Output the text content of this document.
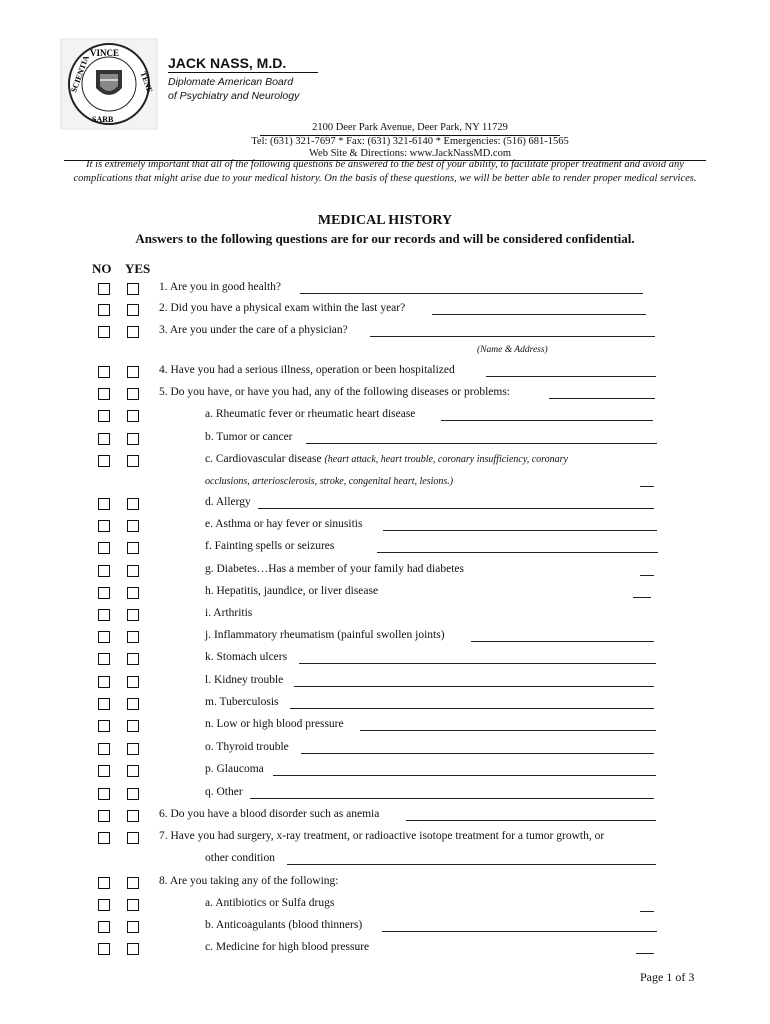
VINCE
SCIENTIA	TENE
SARB
JACK NASS, M.D.
Diplomate American Board
of Psychiatry and Neurology
2100 Deer Park Avenue, Deer Park, NY 11729
Tel: (631) 321-7697 * Fax: (631) 321-6140 * Emergencies: (516) 681-1565
Web Site & Directions: www.JackNassMD.com
It is extremely important that all of the following questions be answered to the best of your ability, to facilitate proper treatment and avoid any complications that might arise due to your medical history. On the basis of these questions, we will be better able to render proper medical services.
MEDICAL HISTORY
Answers to the following questions are for our records and will be considered confidential.
NO YES
1. Are you in good health?
2. Did you have a physical exam within the last year?
3. Are you under the care of a physician?
(Name & Address)
4. Have you had a serious illness, operation or been hospitalized
5. Do you have, or have you had, any of the following diseases or problems:
a. Rheumatic fever or rheumatic heart disease
b. Tumor or cancer
c. Cardiovascular disease (heart attack, heart trouble, coronary insufficiency, coronary
occlusions, arteriosclerosis, stroke, congenital heart, lesions.)
d. Allergy
e. Asthma or hay fever or sinusitis
f. Fainting spells or seizures
g. Diabetes…Has a member of your family had diabetes
h. Hepatitis, jaundice, or liver disease
i. Arthritis
j. Inflammatory rheumatism (painful swollen joints)
k. Stomach ulcers
l. Kidney trouble
m. Tuberculosis
n. Low or high blood pressure
o. Thyroid trouble
p. Glaucoma
q. Other
6. Do you have a blood disorder such as anemia
7. Have you had surgery, x-ray treatment, or radioactive isotope treatment for a tumor growth, or
other condition
8. Are you taking any of the following:
a. Antibiotics or Sulfa drugs
b. Anticoagulants (blood thinners)
c. Medicine for high blood pressure
Page 1 of 3
